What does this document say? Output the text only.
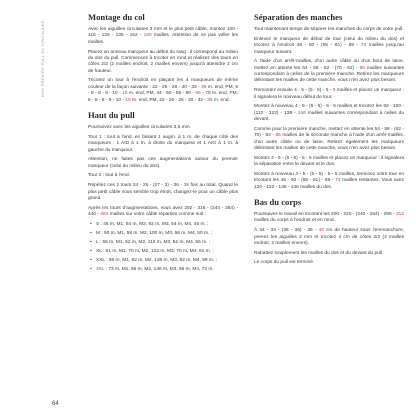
MON PREMIER PULL EN CIRCULAIRE
Montage du col

Avec les aiguilles circulaires 3 mm et le plus petit câble, montez 100 - 116 - 128 - 136 - 152 - 160 mailles. Attention de ne pas vriller les mailles.

Placez un anneau marqueur au début du rang : il correspond au milieu du dos du pull. Commencez à tricoter en rond et réalisez des tours en côtes 2/2 (2 mailles endroit, 2 mailles envers) jusqu'à atteindre 2 cm de hauteur.

Tricotez un tour à l'endroit en plaçant les 4 marqueurs de même couleur de la façon suivante : 22 - 25 - 28 - 30 - 33 - 35 m. end, PM, 6 - 8 - 8 - 8 - 10 - 10 m. end, PM, 44 - 50 - 56 - 60 - 66 - 70 m. end, PM, 6 - 8 - 8 - 8 - 10 - 10 m. end, PM, 22 - 25 - 28 - 30 - 33 - 35 m. end.

Haut du pull

Poursuivez avec les aiguilles circulaires 3,5 mm.

Tour 1 : tout à l'end. en faisant 1 augm. à 1 m. de chaque côté des marqueurs : 1 AID à 1 m. à droite du marqueur et 1 AIG à 1 m. à gauche du marqueur.

Attention, ne faites pas ces augmentations autour du premier marqueur (celui du milieu du dos).

Tour 2 : tout à l'end.

Répétez ces 2 tours 24 - 25 - (27 - 3) - 36 - 38 fois au total. Quand le plus petit câble vous semble trop étroit, changez-le pour un câble plus grand.

Après les tours d'augmentations, vous avez 292 - 316 - (344 - 364) - 440 - 464 mailles sur votre câble réparties comme suit :

• S : 46 m, M1, 54 m, M2, 92 m, M3, 54 m, M4, 46 m. ;
• M : 50 m, M1, 58 m, M2, 100 m, M3, 58 m, M4, 50 m. ;
• L : 55 m, M1, 62 m, M2, 110 m, M3, 62 m, M4, 55 m. ;
• XL : 61 m, M1, 70 m, M2, 122 m, M3, 70 m, M4, 61 m. ;
• XXL : 69 m, M1, 82 m, M2, 138 m, M3, 82 m, M4, 69 m. ;
• 3XL : 73 m, M1, 86 m, M2, 146 m, M3, 86 m, M4, 73 m.
Séparation des manches

Tout maintenant temps de séparer les manches du corps de votre pull.

Enlevez le marqueur de début de tour (celui du milieu du dos) et tricotez à l'endroit 46 - 50 - (55 - 61) - 69 - 73 mailles jusqu'au marqueur suivant.

À l'aide d'un arrêt-mailles, d'un autre câble ou d'un bout de laine, mettez en attente les 54 - 58 - 62 - (70 - 82) - 86 mailles suivantes correspondant à celles de la première manche. Retirez les marqueurs délimitant les mailles de cette manche, vous n'en avez plus besoin.

Remontez ensuite 4 - 5 - (5 - 5) - 5 - 5 mailles et placez un marqueur : il signalera le nouveau début de tour.

Montez à nouveau 4 - 5 - (5 - 5) - 5 - 5 mailles et tricotez les 92 - 100 - (110 - 122) - 138 - 146 mailles suivantes correspondant à celles du devant.

Comme pour la première manche, mettez en attente les 54 - 58 - (62 - 70) - 82 - 86 mailles de la seconde manche à l'aide d'un arrêt-mailles, d'un autre câble ou de laine. Retirez également les marqueurs délimitant les mailles de cette manche, vous n'en avez plus besoin.

Montez 4 - 5 - (5 - 5) - 5 - 5 mailles et placez un marqueur : il signalera la séparation entre le devant et le dos.

Montez à nouveau 4 - 5 - (5 - 5) - 5 - 5 mailles, terminez votre tour en tricotant les 46 - 50 - (55 - 61) - 69 - 73 mailles restantes. Vous avez 120 - 132 - 138 - 146 mailles du dos.

Bas du corps

Poursuivez le travail en tricotant les 200 - 220 - (240 - 264) - 296 - 312 mailles du corps à l'endroit et en rond.

À 34 - 34 - (36 - 36) - 36 - 40 cm de hauteur sous l'emmanchure, prenez les aiguilles 3 mm et tricotez 4 cm de côtes 2/2 (2 mailles endroit, 2 mailles envers).

Rabattez souplement les mailles du dos et du devant du pull.

Le corps du pull est terminé.

64
